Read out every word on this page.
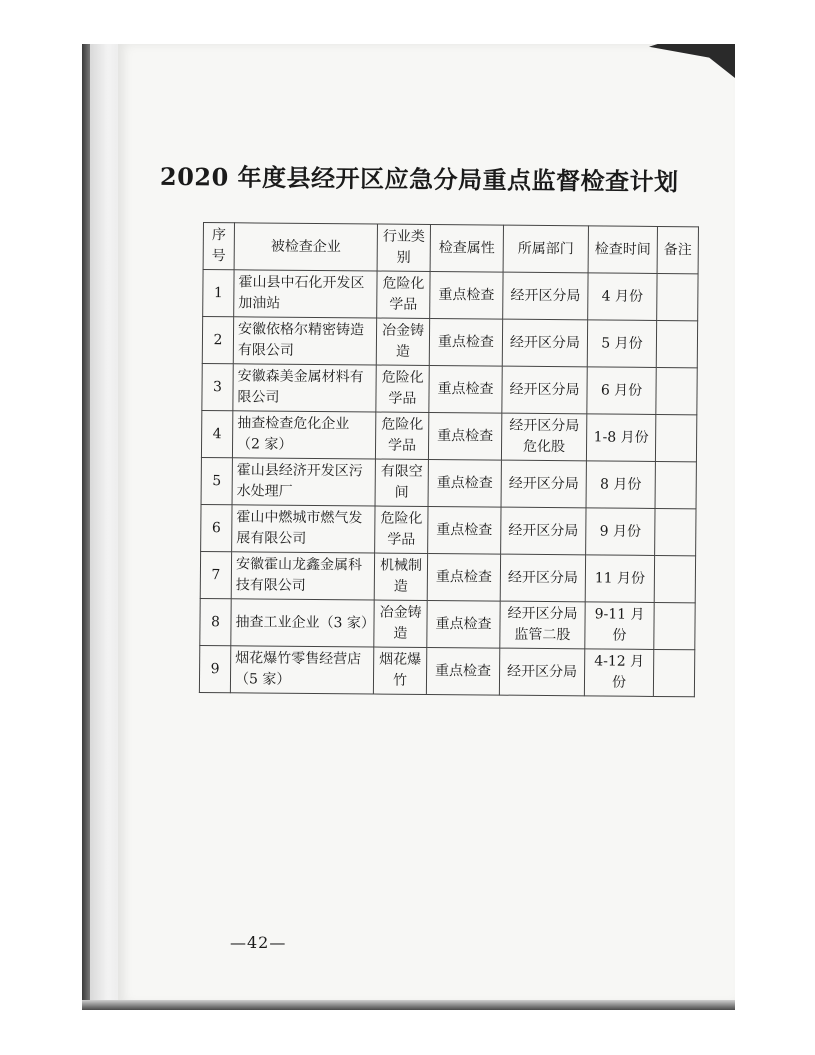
2020 年度县经开区应急分局重点监督检查计划
序号	被检查企业	行业类别	检查属性	所属部门	检查时间	备注
1	霍山县中石化开发区加油站	危险化学品	重点检查	经开区分局	4 月份	
2	安徽依格尔精密铸造有限公司	冶金铸造	重点检查	经开区分局	5 月份	
3	安徽森美金属材料有限公司	危险化学品	重点检查	经开区分局	6 月份	
4	抽查检查危化企业（2 家）	危险化学品	重点检查	经开区分局危化股	1-8 月份	
5	霍山县经济开发区污水处理厂	有限空间	重点检查	经开区分局	8 月份	
6	霍山中燃城市燃气发展有限公司	危险化学品	重点检查	经开区分局	9 月份	
7	安徽霍山龙鑫金属科技有限公司	机械制造	重点检查	经开区分局	11 月份	
8	抽查工业企业（3 家）	冶金铸造	重点检查	经开区分局监管二股	9-11 月份	
9	烟花爆竹零售经营店（5 家）	烟花爆竹	重点检查	经开区分局	4-12 月份	
—42—
